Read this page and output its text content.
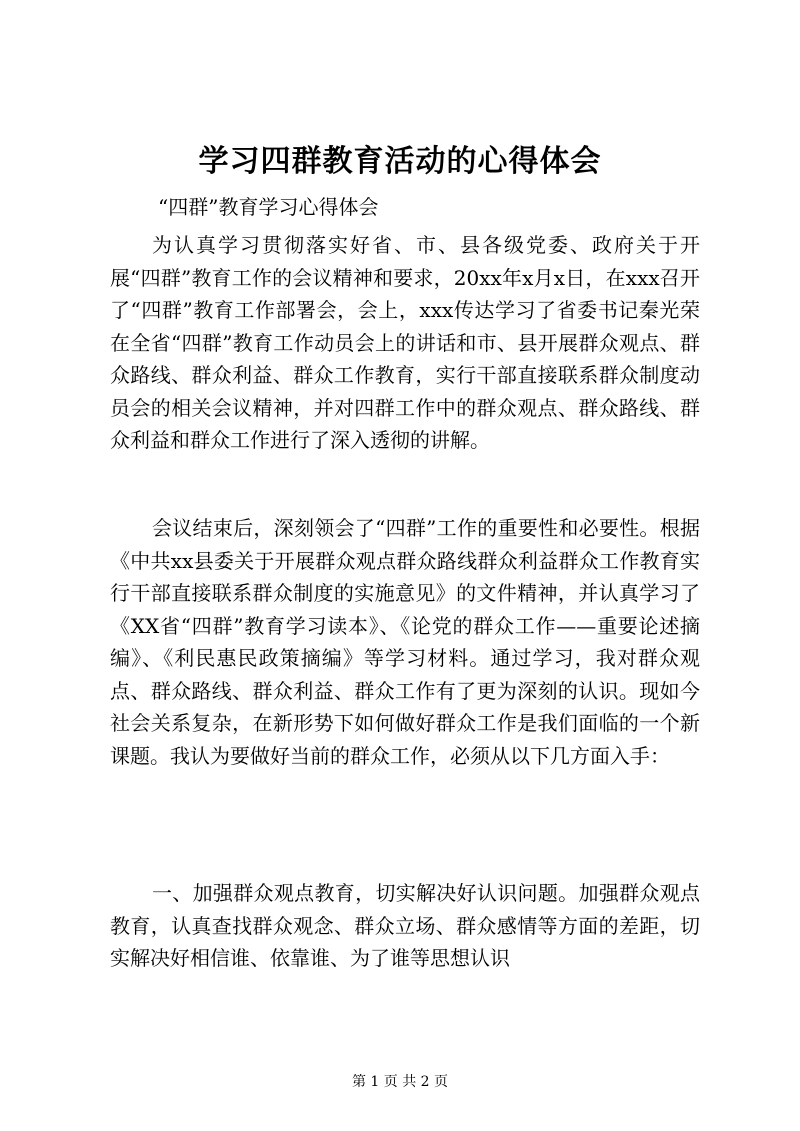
学习四群教育活动的心得体会
“四群”教育学习心得体会

为认真学习贯彻落实好省、市、县各级党委、政府关于开展“四群”教育工作的会议精神和要求，20xx年x月x日，在xxx召开了“四群”教育工作部署会，会上，xxx传达学习了省委书记秦光荣在全省“四群”教育工作动员会上的讲话和市、县开展群众观点、群众路线、群众利益、群众工作教育，实行干部直接联系群众制度动员会的相关会议精神，并对四群工作中的群众观点、群众路线、群众利益和群众工作进行了深入透彻的讲解。

会议结束后，深刻领会了“四群”工作的重要性和必要性。根据《中共xx县委关于开展群众观点群众路线群众利益群众工作教育实行干部直接联系群众制度的实施意见》的文件精神，并认真学习了《XX省“四群”教育学习读本》、《论党的群众工作——重要论述摘编》、《利民惠民政策摘编》等学习材料。通过学习，我对群众观点、群众路线、群众利益、群众工作有了更为深刻的认识。现如今社会关系复杂，在新形势下如何做好群众工作是我们面临的一个新课题。我认为要做好当前的群众工作，必须从以下几方面入手：

一、加强群众观点教育，切实解决好认识问题。加强群众观点教育，认真查找群众观念、群众立场、群众感情等方面的差距，切实解决好相信谁、依靠谁、为了谁等思想认识

第 1 页 共 2 页
